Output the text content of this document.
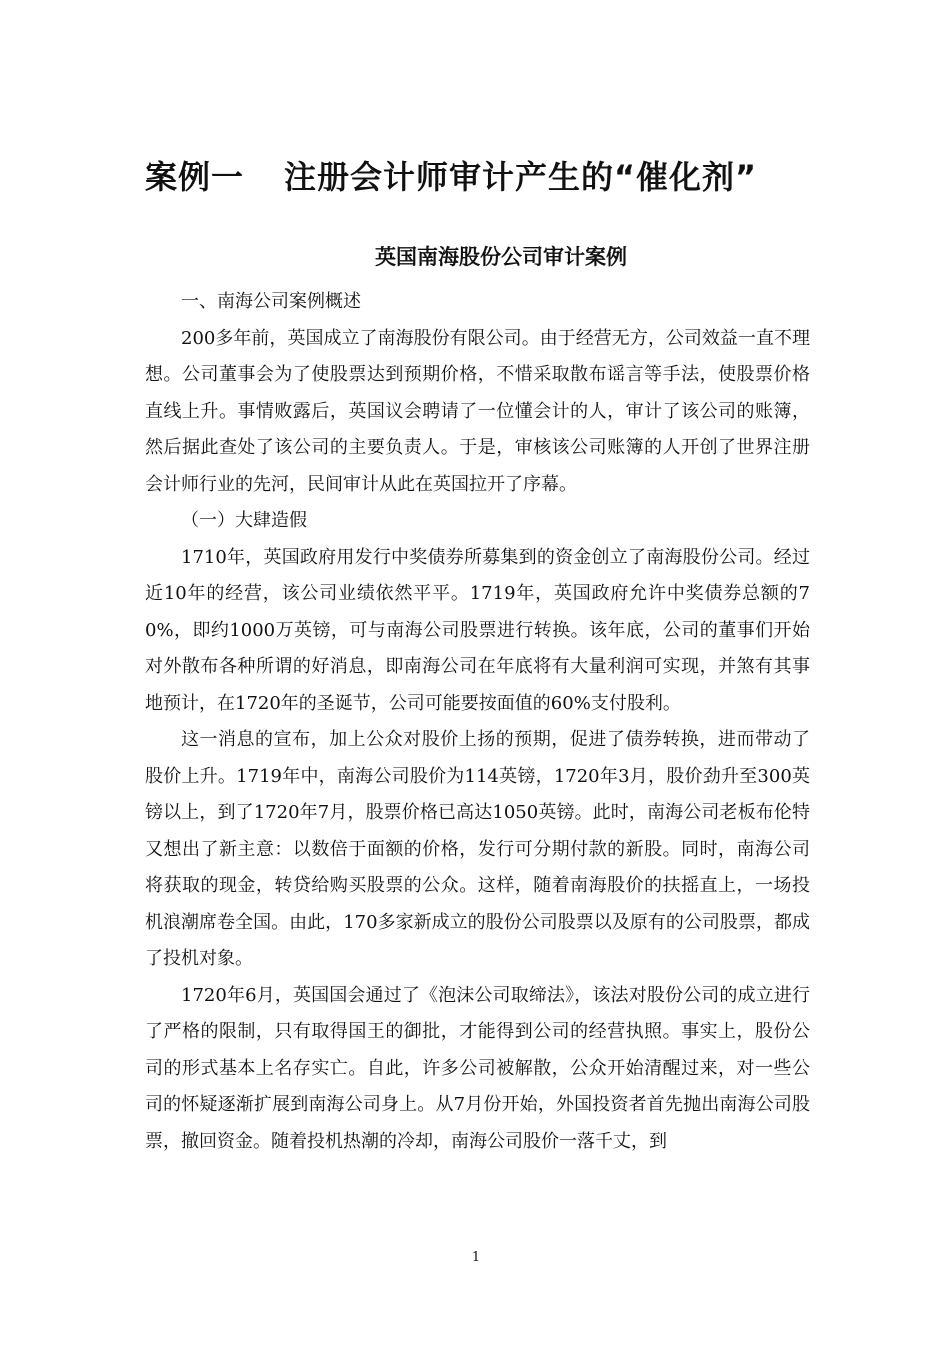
案例一 注册会计师审计产生的“催化剂”
英国南海股份公司审计案例

一、南海公司案例概述

200多年前，英国成立了南海股份有限公司。由于经营无方，公司效益一直不理想。公司董事会为了使股票达到预期价格，不惜采取散布谣言等手法，使股票价格直线上升。事情败露后，英国议会聘请了一位懂会计的人，审计了该公司的账簿，然后据此查处了该公司的主要负责人。于是，审核该公司账簿的人开创了世界注册会计师行业的先河，民间审计从此在英国拉开了序幕。

（一）大肆造假

1710年，英国政府用发行中奖债券所募集到的资金创立了南海股份公司。经过近10年的经营，该公司业绩依然平平。1719年，英国政府允许中奖债券总额的70%，即约1000万英镑，可与南海公司股票进行转换。该年底，公司的董事们开始对外散布各种所谓的好消息，即南海公司在年底将有大量利润可实现，并煞有其事地预计，在1720年的圣诞节，公司可能要按面值的60%支付股利。

这一消息的宣布，加上公众对股价上扬的预期，促进了债券转换，进而带动了股价上升。1719年中，南海公司股价为114英镑，1720年3月，股价劲升至300英镑以上，到了1720年7月，股票价格已高达1050英镑。此时，南海公司老板布伦特又想出了新主意：以数倍于面额的价格，发行可分期付款的新股。同时，南海公司将获取的现金，转贷给购买股票的公众。这样，随着南海股价的扶摇直上，一场投机浪潮席卷全国。由此，170多家新成立的股份公司股票以及原有的公司股票，都成了投机对象。

1720年6月，英国国会通过了《泡沫公司取缔法》，该法对股份公司的成立进行了严格的限制，只有取得国王的御批，才能得到公司的经营执照。事实上，股份公司的形式基本上名存实亡。自此，许多公司被解散，公众开始清醒过来，对一些公司的怀疑逐渐扩展到南海公司身上。从7月份开始，外国投资者首先抛出南海公司股票，撤回资金。随着投机热潮的冷却，南海公司股价一落千丈，到

1
